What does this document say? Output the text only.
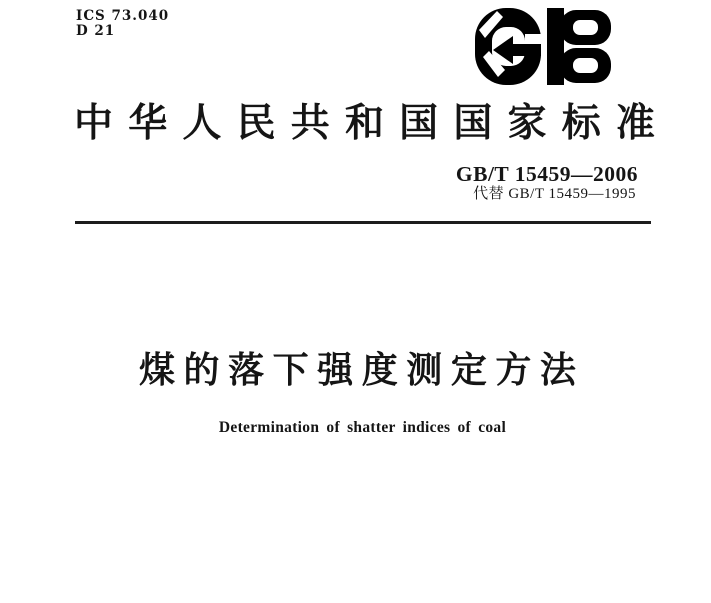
ICS 73.040
D 21
中 华 人 民 共 和 国 国 家 标 准
GB/T 15459—2006
代替 GB/T 15459—1995
煤 的 落 下 强 度 测 定 方 法
Determination of shatter indices of coal
